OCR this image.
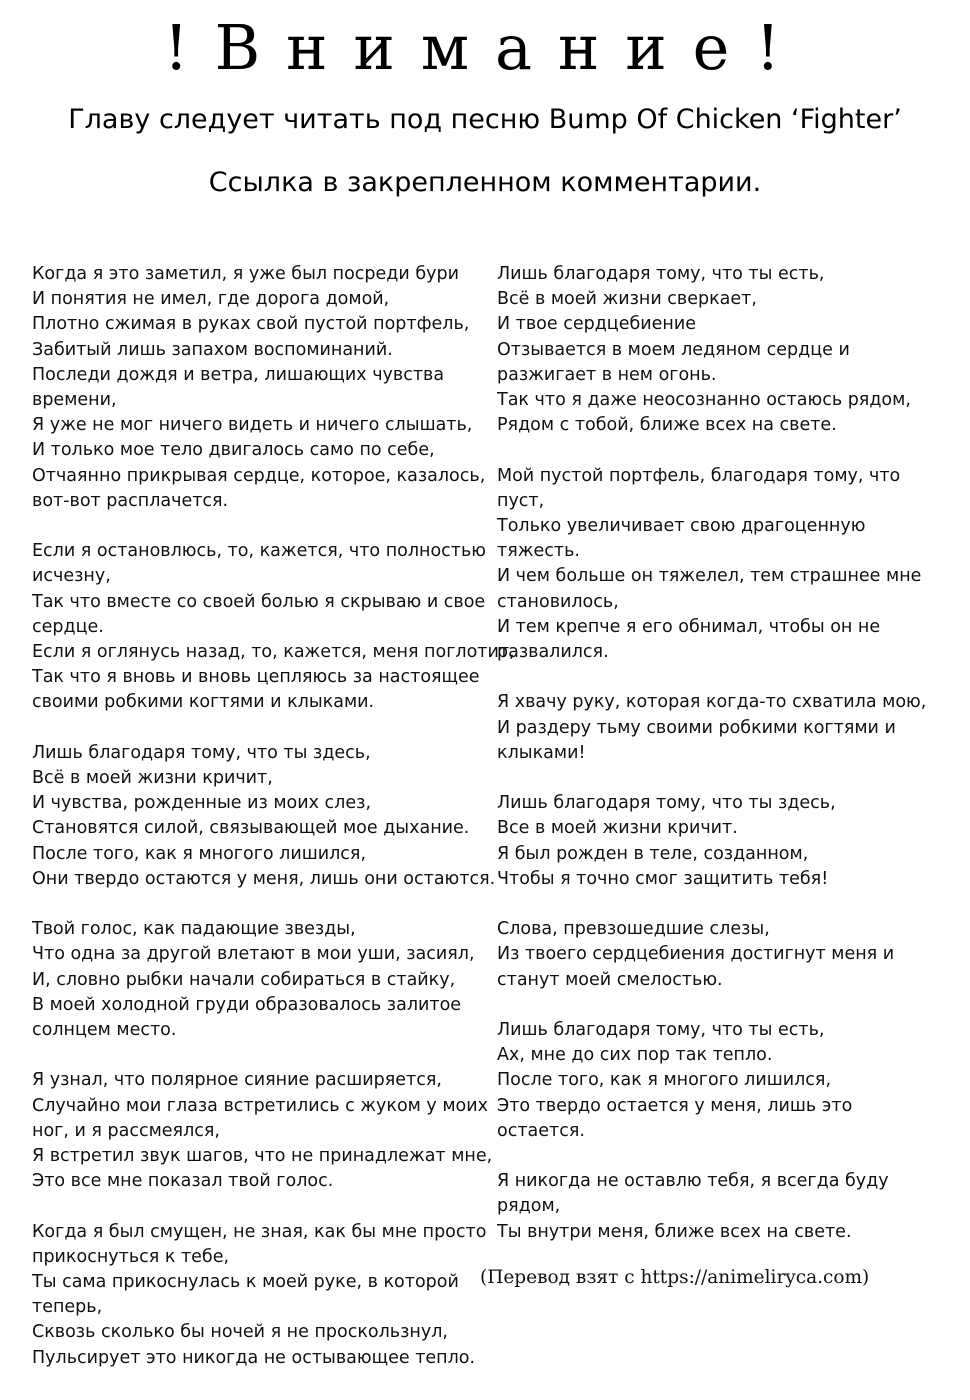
!Внимание!
Главу следует читать под песню Bump Of Chicken ‘Fighter’
Ссылка в закрепленном комментарии.
Когда я это заметил, я уже был посреди бури
И понятия не имел, где дорога домой,
Плотно сжимая в руках свой пустой портфель,
Забитый лишь запахом воспоминаний.
Последи дождя и ветра, лишающих чувства
времени,
Я уже не мог ничего видеть и ничего слышать,
И только мое тело двигалось само по себе,
Отчаянно прикрывая сердце, которое, казалось,
вот-вот расплачется.
Если я остановлюсь, то, кажется, что полностью
исчезну,
Так что вместе со своей болью я скрываю и свое
сердце.
Если я оглянусь назад, то, кажется, меня поглотит,
Так что я вновь и вновь цепляюсь за настоящее
своими робкими когтями и клыками.
Лишь благодаря тому, что ты здесь,
Всё в моей жизни кричит,
И чувства, рожденные из моих слез,
Становятся силой, связывающей мое дыхание.
После того, как я многого лишился,
Они твердо остаются у меня, лишь они остаются.
Твой голос, как падающие звезды,
Что одна за другой влетают в мои уши, засиял,
И, словно рыбки начали собираться в стайку,
В моей холодной груди образовалось залитое
солнцем место.
Я узнал, что полярное сияние расширяется,
Случайно мои глаза встретились с жуком у моих
ног, и я рассмеялся,
Я встретил звук шагов, что не принадлежат мне,
Это все мне показал твой голос.
Когда я был смущен, не зная, как бы мне просто
прикоснуться к тебе,
Ты сама прикоснулась к моей руке, в которой
теперь,
Сквозь сколько бы ночей я не проскользнул,
Пульсирует это никогда не остывающее тепло.
Лишь благодаря тому, что ты есть,
Всё в моей жизни сверкает,
И твое сердцебиение
Отзывается в моем ледяном сердце и
разжигает в нем огонь.
Так что я даже неосознанно остаюсь рядом,
Рядом с тобой, ближе всех на свете.
Мой пустой портфель, благодаря тому, что
пуст,
Только увеличивает свою драгоценную
тяжесть.
И чем больше он тяжелел, тем страшнее мне
становилось,
И тем крепче я его обнимал, чтобы он не
развалился.
Я хвачу руку, которая когда-то схватила мою,
И раздеру тьму своими робкими когтями и
клыками!
Лишь благодаря тому, что ты здесь,
Все в моей жизни кричит.
Я был рожден в теле, созданном,
Чтобы я точно смог защитить тебя!
Слова, превзошедшие слезы,
Из твоего сердцебиения достигнут меня и
станут моей смелостью.
Лишь благодаря тому, что ты есть,
Ах, мне до сих пор так тепло.
После того, как я многого лишился,
Это твердо остается у меня, лишь это
остается.
Я никогда не оставлю тебя, я всегда буду
рядом,
Ты внутри меня, ближе всех на свете.
(Перевод взят с https://animeliryca.com)
